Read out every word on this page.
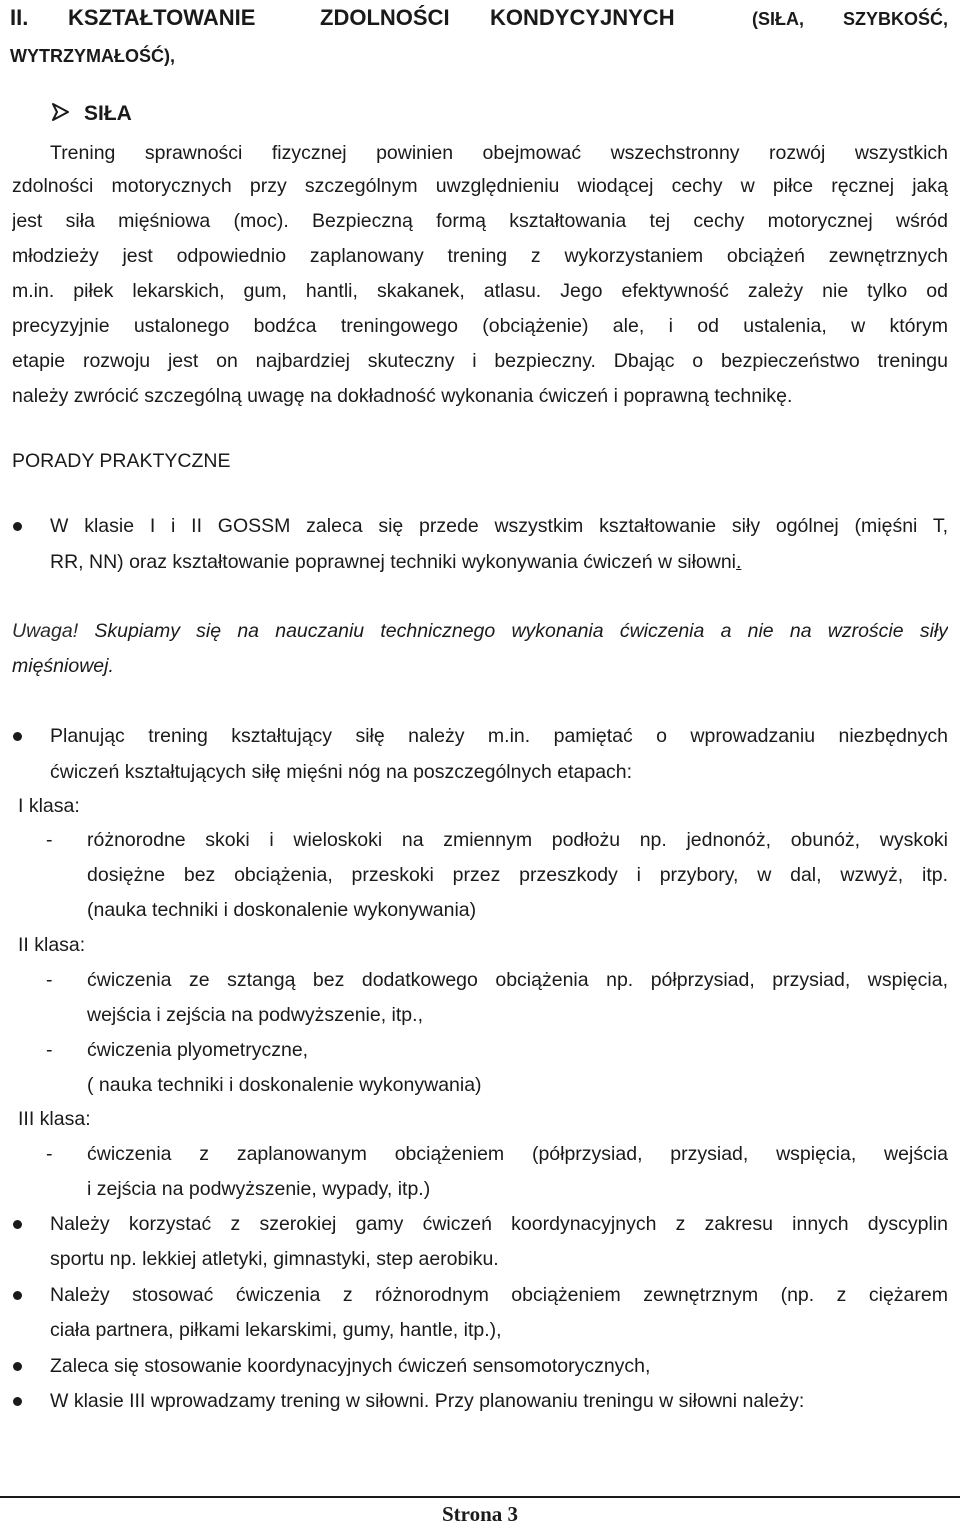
II. KSZTAŁTOWANIE	ZDOLNOŚCI KONDYCYJNYCH	(SIŁA, SZYBKOŚĆ,
WYTRZYMAŁOŚĆ),
SIŁA
Trening sprawności fizycznej powinien obejmować wszechstronny rozwój wszystkich
zdolności motorycznych przy szczególnym uwzględnieniu wiodącej cechy w piłce ręcznej jaką
jest siła mięśniowa (moc). Bezpieczną formą kształtowania tej cechy motorycznej wśród
młodzieży jest odpowiednio zaplanowany trening z wykorzystaniem obciążeń zewnętrznych
m.in. piłek lekarskich, gum, hantli, skakanek, atlasu. Jego efektywność zależy nie tylko od
precyzyjnie ustalonego bodźca treningowego (obciążenie) ale, i od ustalenia, w którym
etapie rozwoju jest on najbardziej skuteczny i bezpieczny. Dbając o bezpieczeństwo treningu
należy zwrócić szczególną uwagę na dokładność wykonania ćwiczeń i poprawną technikę.
PORADY PRAKTYCZNE
W klasie I i II GOSSM zaleca się przede wszystkim kształtowanie siły ogólnej (mięśni T,
RR, NN) oraz kształtowanie poprawnej techniki wykonywania ćwiczeń w siłowni.
Uwaga! Skupiamy się na nauczaniu technicznego wykonania ćwiczenia a nie na wzroście siły
mięśniowej.
Planując trening kształtujący siłę należy m.in. pamiętać o wprowadzaniu niezbędnych
ćwiczeń kształtujących siłę mięśni nóg na poszczególnych etapach:
I klasa:
- różnorodne skoki i wieloskoki na zmiennym podłożu np. jednonóż, obunóż, wyskoki
dosiężne bez obciążenia, przeskoki przez przeszkody i przybory, w dal, wzwyż, itp.
(nauka techniki i doskonalenie wykonywania)
II klasa:
- ćwiczenia ze sztangą bez dodatkowego obciążenia np. półprzysiad, przysiad, wspięcia,
wejścia i zejścia na podwyższenie, itp.,
- ćwiczenia plyometryczne,
( nauka techniki i doskonalenie wykonywania)
III klasa:
- ćwiczenia z zaplanowanym obciążeniem (półprzysiad, przysiad, wspięcia, wejścia
i zejścia na podwyższenie, wypady, itp.)
Należy korzystać z szerokiej gamy ćwiczeń koordynacyjnych z zakresu innych dyscyplin
sportu np. lekkiej atletyki, gimnastyki, step aerobiku.
Należy stosować ćwiczenia z różnorodnym obciążeniem zewnętrznym (np. z ciężarem
ciała partnera, piłkami lekarskimi, gumy, hantle, itp.),
Zaleca się stosowanie koordynacyjnych ćwiczeń sensomotorycznych,
W klasie III wprowadzamy trening w siłowni. Przy planowaniu treningu w siłowni należy:
Strona 3
